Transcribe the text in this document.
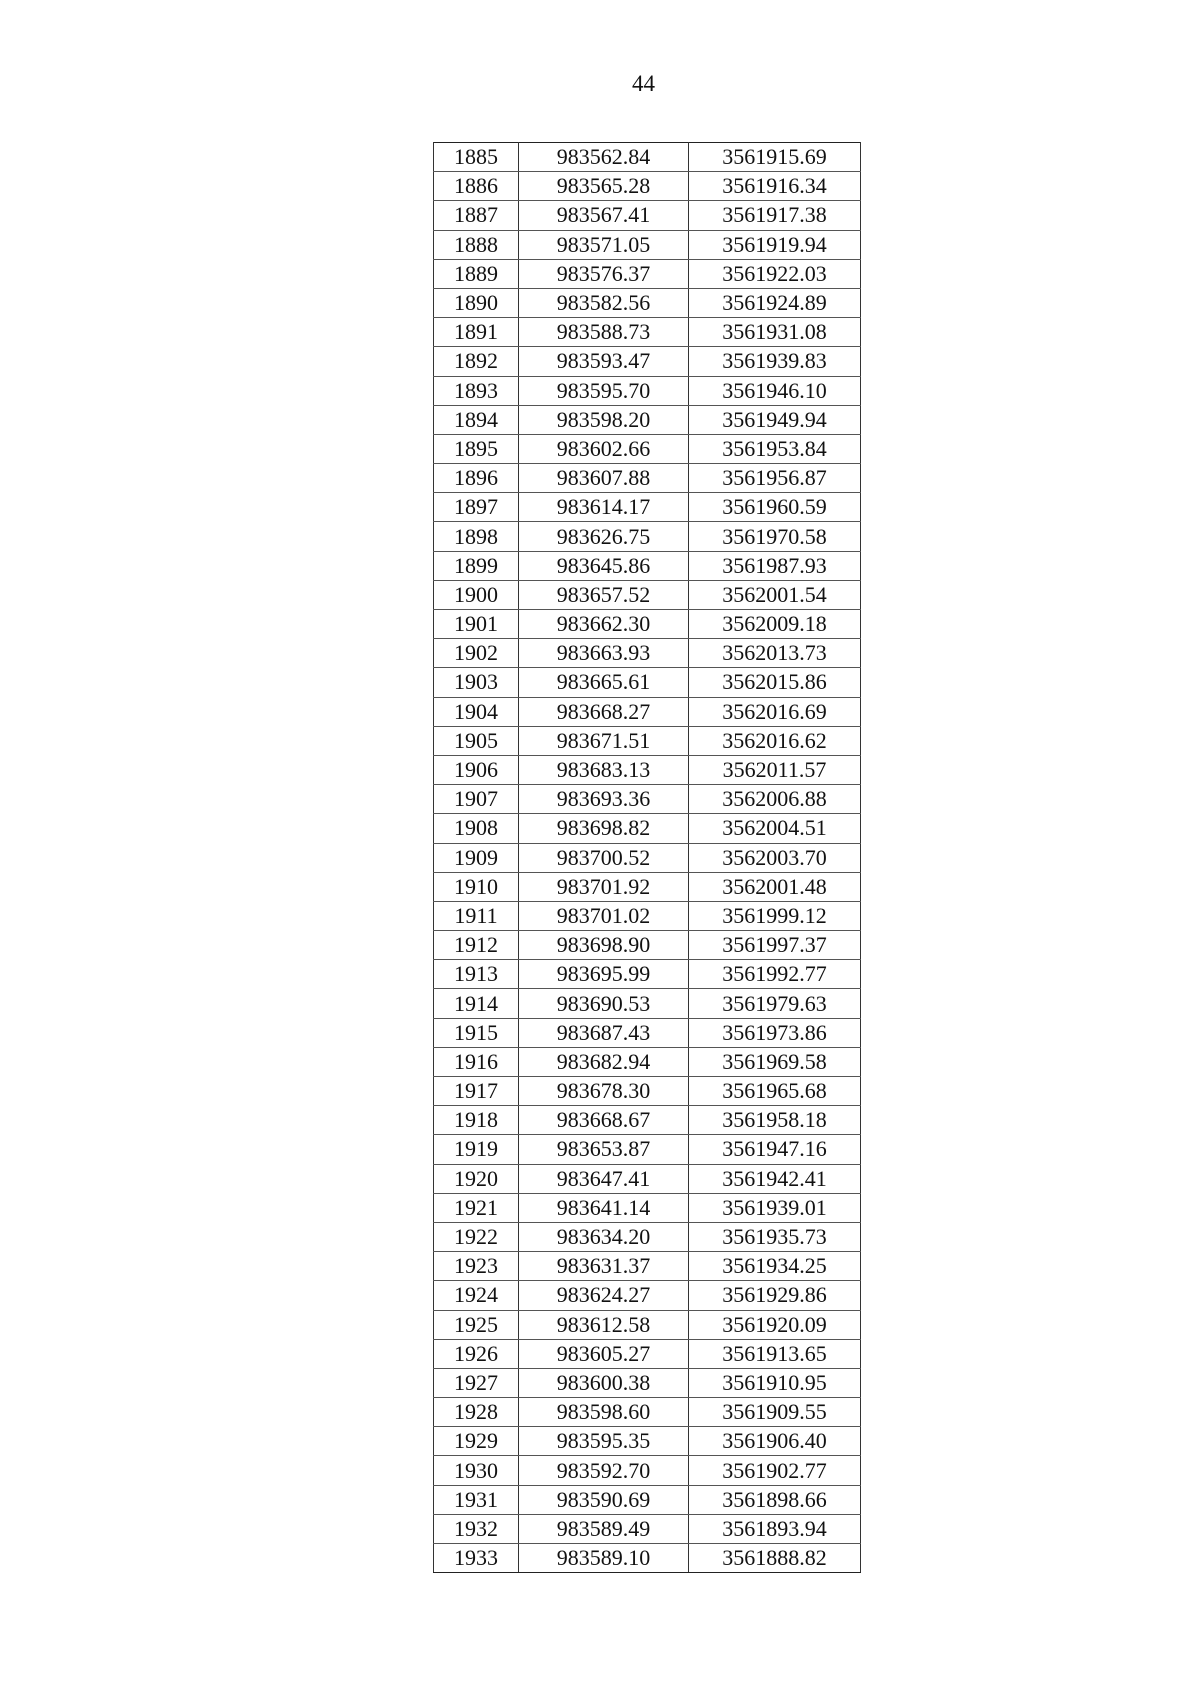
44
1885	983562.84	3561915.69
1886	983565.28	3561916.34
1887	983567.41	3561917.38
1888	983571.05	3561919.94
1889	983576.37	3561922.03
1890	983582.56	3561924.89
1891	983588.73	3561931.08
1892	983593.47	3561939.83
1893	983595.70	3561946.10
1894	983598.20	3561949.94
1895	983602.66	3561953.84
1896	983607.88	3561956.87
1897	983614.17	3561960.59
1898	983626.75	3561970.58
1899	983645.86	3561987.93
1900	983657.52	3562001.54
1901	983662.30	3562009.18
1902	983663.93	3562013.73
1903	983665.61	3562015.86
1904	983668.27	3562016.69
1905	983671.51	3562016.62
1906	983683.13	3562011.57
1907	983693.36	3562006.88
1908	983698.82	3562004.51
1909	983700.52	3562003.70
1910	983701.92	3562001.48
1911	983701.02	3561999.12
1912	983698.90	3561997.37
1913	983695.99	3561992.77
1914	983690.53	3561979.63
1915	983687.43	3561973.86
1916	983682.94	3561969.58
1917	983678.30	3561965.68
1918	983668.67	3561958.18
1919	983653.87	3561947.16
1920	983647.41	3561942.41
1921	983641.14	3561939.01
1922	983634.20	3561935.73
1923	983631.37	3561934.25
1924	983624.27	3561929.86
1925	983612.58	3561920.09
1926	983605.27	3561913.65
1927	983600.38	3561910.95
1928	983598.60	3561909.55
1929	983595.35	3561906.40
1930	983592.70	3561902.77
1931	983590.69	3561898.66
1932	983589.49	3561893.94
1933	983589.10	3561888.82
